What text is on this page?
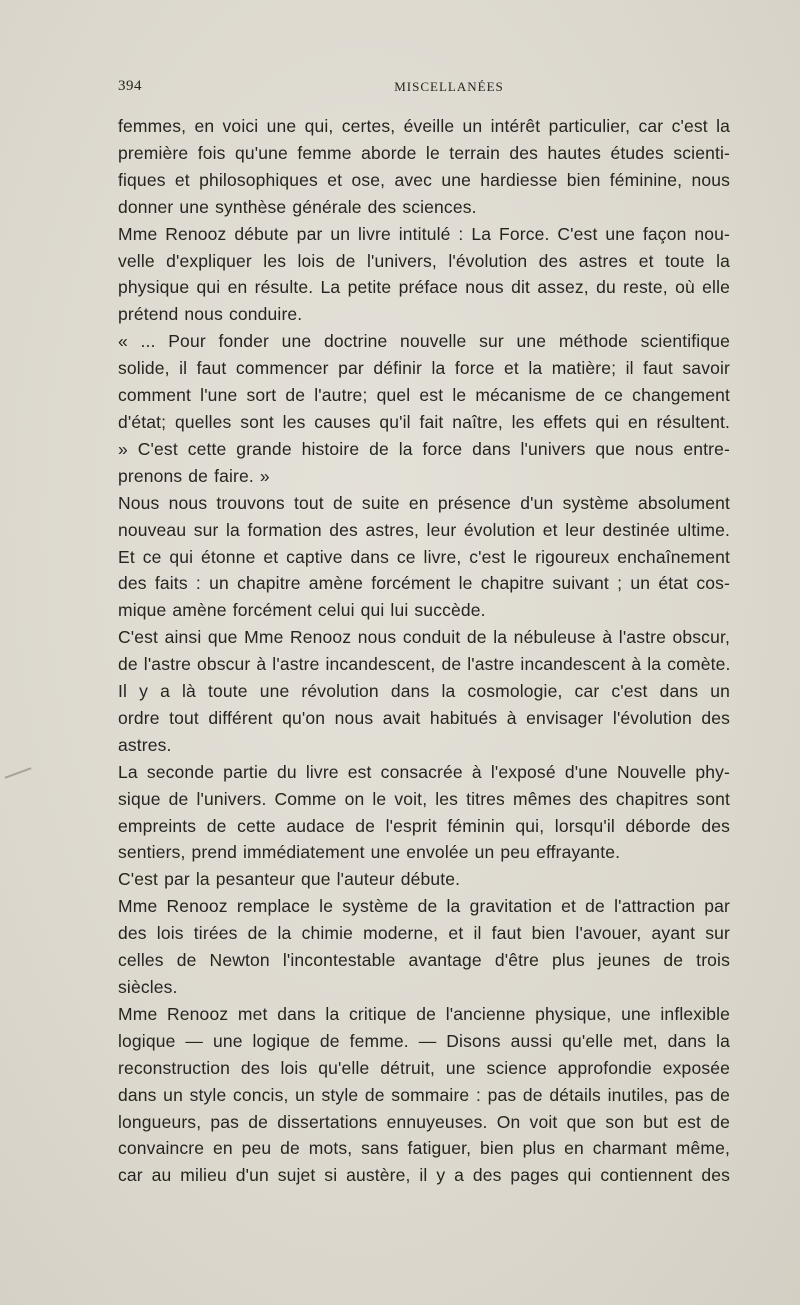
394	MISCELLANÉES
femmes, en voici une qui, certes, éveille un intérêt particulier, car c'est la
première fois qu'une femme aborde le terrain des hautes études scienti-
fiques et philosophiques et ose, avec une hardiesse bien féminine, nous
donner une synthèse générale des sciences.
Mme Renooz débute par un livre intitulé : La Force. C'est une façon nou-
velle d'expliquer les lois de l'univers, l'évolution des astres et toute la
physique qui en résulte. La petite préface nous dit assez, du reste, où elle
prétend nous conduire.
« ... Pour fonder une doctrine nouvelle sur une méthode scientifique
solide, il faut commencer par définir la force et la matière; il faut savoir
comment l'une sort de l'autre; quel est le mécanisme de ce changement
d'état; quelles sont les causes qu'il fait naître, les effets qui en résultent.
» C'est cette grande histoire de la force dans l'univers que nous entre-
prenons de faire. »
Nous nous trouvons tout de suite en présence d'un système absolument
nouveau sur la formation des astres, leur évolution et leur destinée ultime.
Et ce qui étonne et captive dans ce livre, c'est le rigoureux enchaînement
des faits : un chapitre amène forcément le chapitre suivant ; un état cos-
mique amène forcément celui qui lui succède.
C'est ainsi que Mme Renooz nous conduit de la nébuleuse à l'astre obscur,
de l'astre obscur à l'astre incandescent, de l'astre incandescent à la comète.
Il y a là toute une révolution dans la cosmologie, car c'est dans un
ordre tout différent qu'on nous avait habitués à envisager l'évolution des
astres.
La seconde partie du livre est consacrée à l'exposé d'une Nouvelle phy-
sique de l'univers. Comme on le voit, les titres mêmes des chapitres sont
empreints de cette audace de l'esprit féminin qui, lorsqu'il déborde des
sentiers, prend immédiatement une envolée un peu effrayante.
C'est par la pesanteur que l'auteur débute.
Mme Renooz remplace le système de la gravitation et de l'attraction par
des lois tirées de la chimie moderne, et il faut bien l'avouer, ayant sur
celles de Newton l'incontestable avantage d'être plus jeunes de trois
siècles.
Mme Renooz met dans la critique de l'ancienne physique, une inflexible
logique — une logique de femme. — Disons aussi qu'elle met, dans la
reconstruction des lois qu'elle détruit, une science approfondie exposée
dans un style concis, un style de sommaire : pas de détails inutiles, pas de
longueurs, pas de dissertations ennuyeuses. On voit que son but est de
convaincre en peu de mots, sans fatiguer, bien plus en charmant même,
car au milieu d'un sujet si austère, il y a des pages qui contiennent des
